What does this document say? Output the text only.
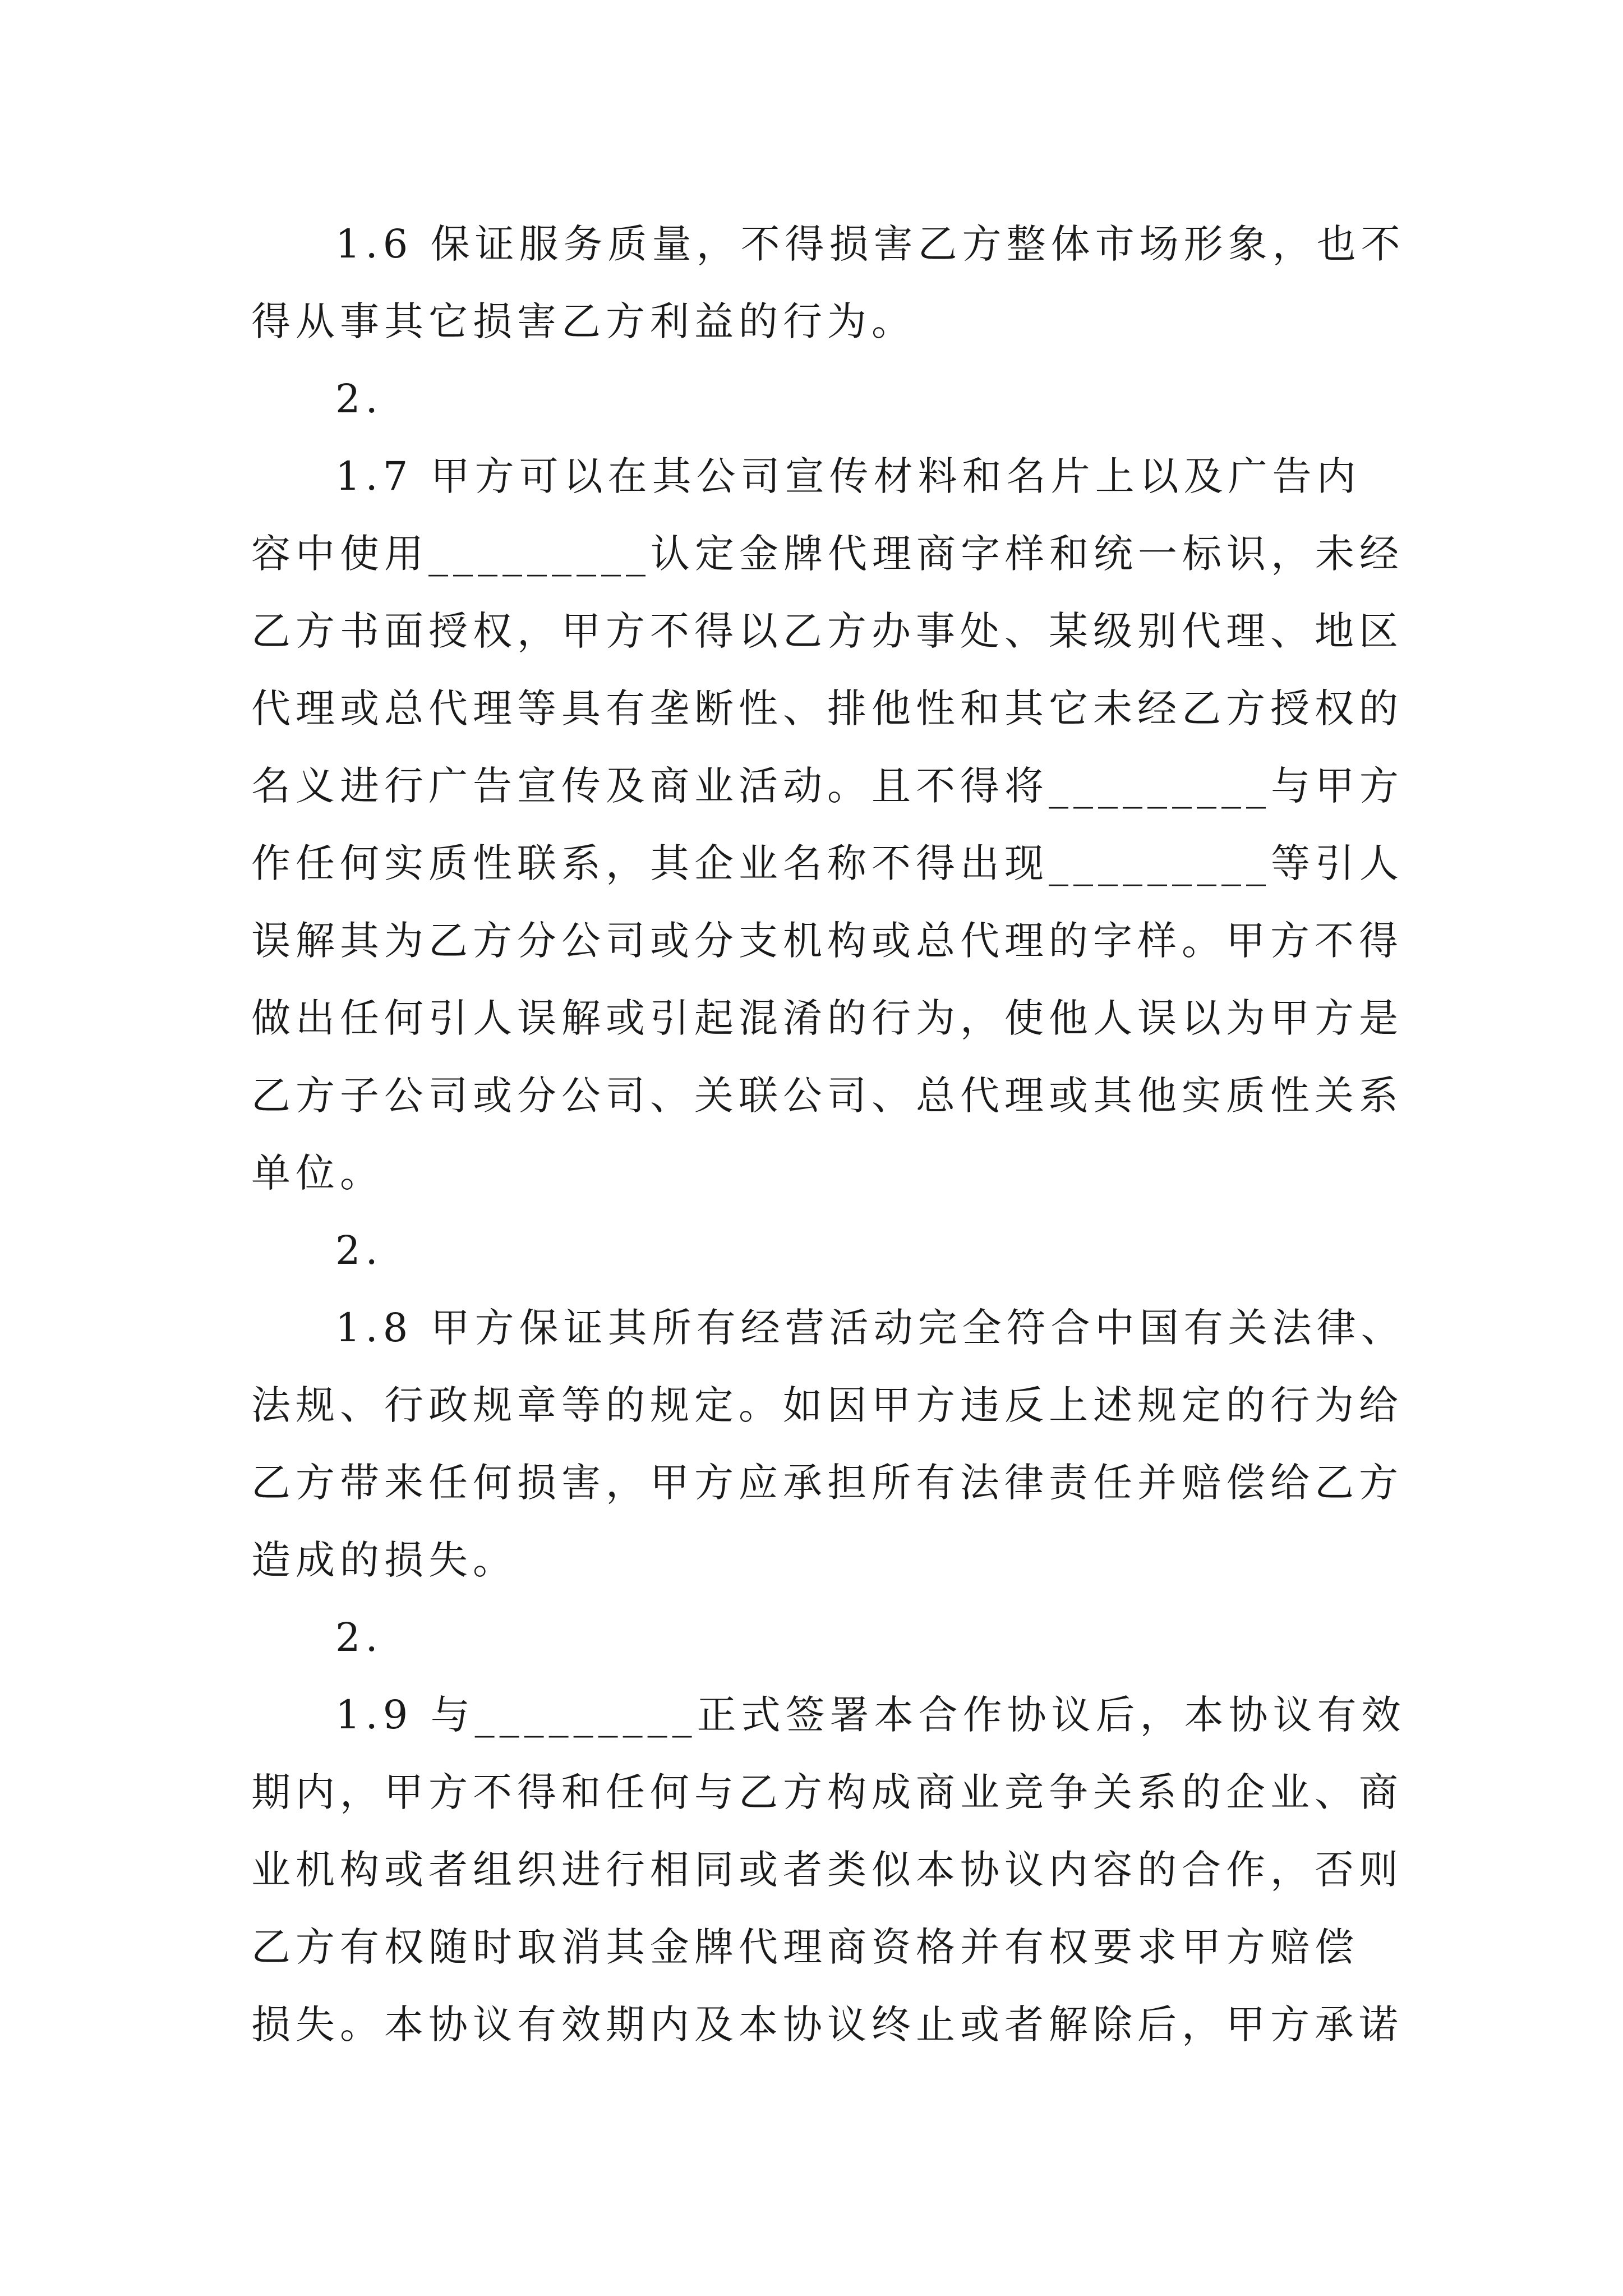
1.6 保证服务质量，不得损害乙方整体市场形象，也不
得从事其它损害乙方利益的行为。
2.
1.7 甲方可以在其公司宣传材料和名片上以及广告内
容中使用_________认定金牌代理商字样和统一标识，未经
乙方书面授权，甲方不得以乙方办事处、某级别代理、地区
代理或总代理等具有垄断性、排他性和其它未经乙方授权的
名义进行广告宣传及商业活动。且不得将_________与甲方
作任何实质性联系，其企业名称不得出现_________等引人
误解其为乙方分公司或分支机构或总代理的字样。甲方不得
做出任何引人误解或引起混淆的行为，使他人误以为甲方是
乙方子公司或分公司、关联公司、总代理或其他实质性关系
单位。
2.
1.8 甲方保证其所有经营活动完全符合中国有关法律、
法规、行政规章等的规定。如因甲方违反上述规定的行为给
乙方带来任何损害，甲方应承担所有法律责任并赔偿给乙方
造成的损失。
2.
1.9 与_________正式签署本合作协议后，本协议有效
期内，甲方不得和任何与乙方构成商业竞争关系的企业、商
业机构或者组织进行相同或者类似本协议内容的合作，否则
乙方有权随时取消其金牌代理商资格并有权要求甲方赔偿
损失。本协议有效期内及本协议终止或者解除后，甲方承诺
